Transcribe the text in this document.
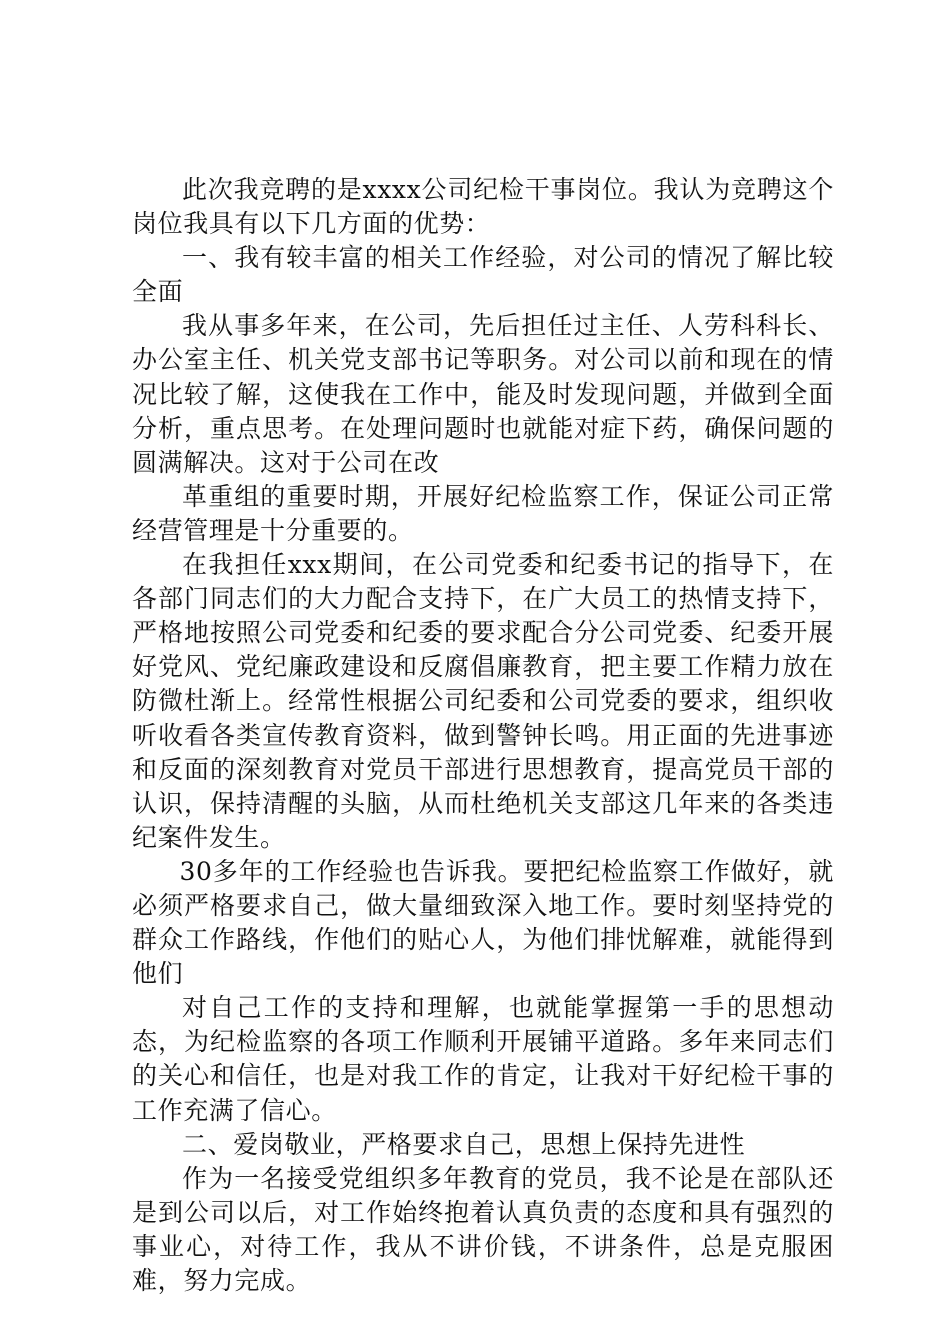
此次我竞聘的是xxxx公司纪检干事岗位。我认为竞聘这个岗位我具有以下几方面的优势：

一、我有较丰富的相关工作经验，对公司的情况了解比较全面

我从事多年来，在公司，先后担任过主任、人劳科科长、办公室主任、机关党支部书记等职务。对公司以前和现在的情况比较了解，这使我在工作中，能及时发现问题，并做到全面分析，重点思考。在处理问题时也就能对症下药，确保问题的圆满解决。这对于公司在改

革重组的重要时期，开展好纪检监察工作，保证公司正常经营管理是十分重要的。

在我担任xxx期间，在公司党委和纪委书记的指导下，在各部门同志们的大力配合支持下，在广大员工的热情支持下，严格地按照公司党委和纪委的要求配合分公司党委、纪委开展好党风、党纪廉政建设和反腐倡廉教育，把主要工作精力放在防微杜渐上。经常性根据公司纪委和公司党委的要求，组织收听收看各类宣传教育资料，做到警钟长鸣。用正面的先进事迹和反面的深刻教育对党员干部进行思想教育，提高党员干部的认识，保持清醒的头脑，从而杜绝机关支部这几年来的各类违纪案件发生。

30多年的工作经验也告诉我。要把纪检监察工作做好，就必须严格要求自己，做大量细致深入地工作。要时刻坚持党的群众工作路线，作他们的贴心人，为他们排忧解难，就能得到他们

对自己工作的支持和理解，也就能掌握第一手的思想动态，为纪检监察的各项工作顺利开展铺平道路。多年来同志们的关心和信任，也是对我工作的肯定，让我对干好纪检干事的工作充满了信心。

二、爱岗敬业，严格要求自己，思想上保持先进性

作为一名接受党组织多年教育的党员，我不论是在部队还是到公司以后，对工作始终抱着认真负责的态度和具有强烈的事业心，对待工作，我从不讲价钱，不讲条件，总是克服困难，努力完成。
